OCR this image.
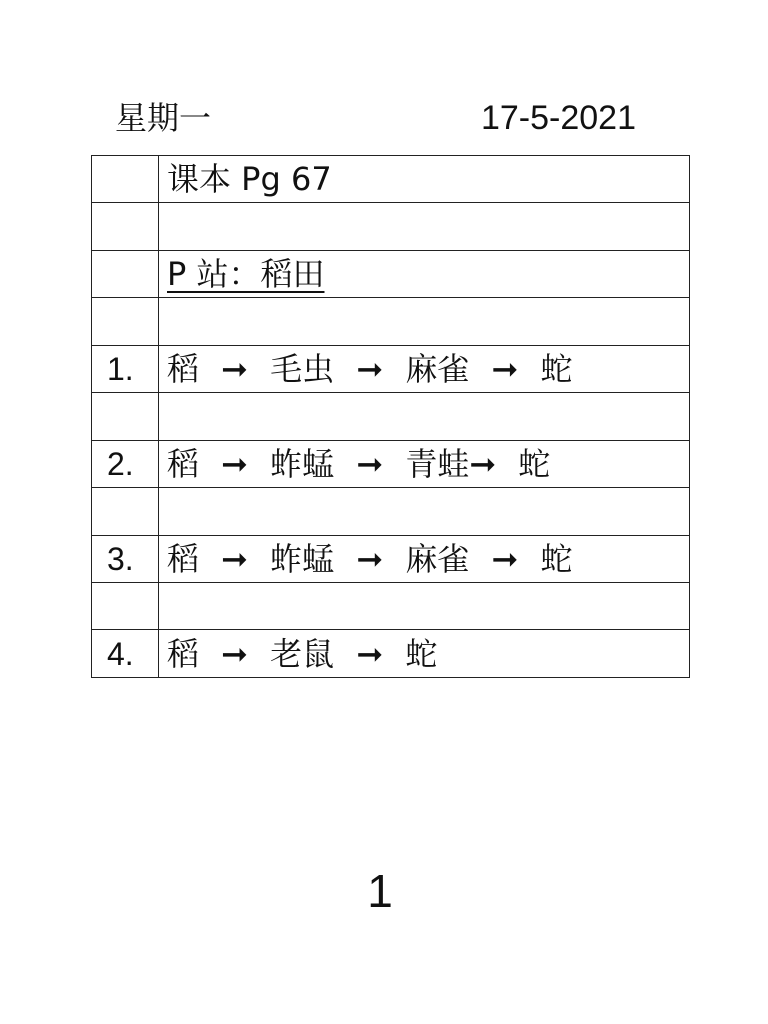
星期一	17-5-2021
	课本 Pg 67

	P 站：稻田

1.	稻 ➞ 毛虫 ➞ 麻雀 ➞ 蛇

2.	稻 ➞ 蚱蜢 ➞ 青蛙➞ 蛇

3.	稻 ➞ 蚱蜢 ➞ 麻雀 ➞ 蛇

4.	稻 ➞ 老鼠 ➞ 蛇
1
